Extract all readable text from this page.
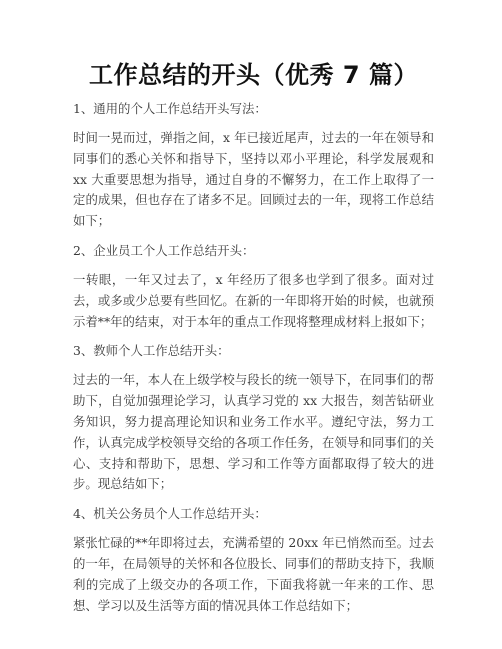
工作总结的开头（优秀 7 篇）

1、通用的个人工作总结开头写法：

时间一晃而过，弹指之间，x 年已接近尾声，过去的一年在领导和同事们的悉心关怀和指导下，坚持以邓小平理论，科学发展观和 xx 大重要思想为指导，通过自身的不懈努力，在工作上取得了一定的成果，但也存在了诸多不足。回顾过去的一年，现将工作总结如下；

2、企业员工个人工作总结开头：

一转眼，一年又过去了，x 年经历了很多也学到了很多。面对过去，或多或少总要有些回忆。在新的一年即将开始的时候，也就预示着**年的结束，对于本年的重点工作现将整理成材料上报如下；

3、教师个人工作总结开头：

过去的一年，本人在上级学校与段长的统一领导下，在同事们的帮助下，自觉加强理论学习，认真学习党的 xx 大报告，刻苦钻研业务知识，努力提高理论知识和业务工作水平。遵纪守法，努力工作，认真完成学校领导交给的各项工作任务，在领导和同事们的关心、支持和帮助下，思想、学习和工作等方面都取得了较大的进步。现总结如下；

4、机关公务员个人工作总结开头：

紧张忙碌的**年即将过去，充满希望的 20xx 年已悄然而至。过去的一年，在局领导的关怀和各位股长、同事们的帮助支持下，我顺利的完成了上级交办的各项工作，下面我将就一年来的工作、思想、学习以及生活等方面的情况具体工作总结如下；
